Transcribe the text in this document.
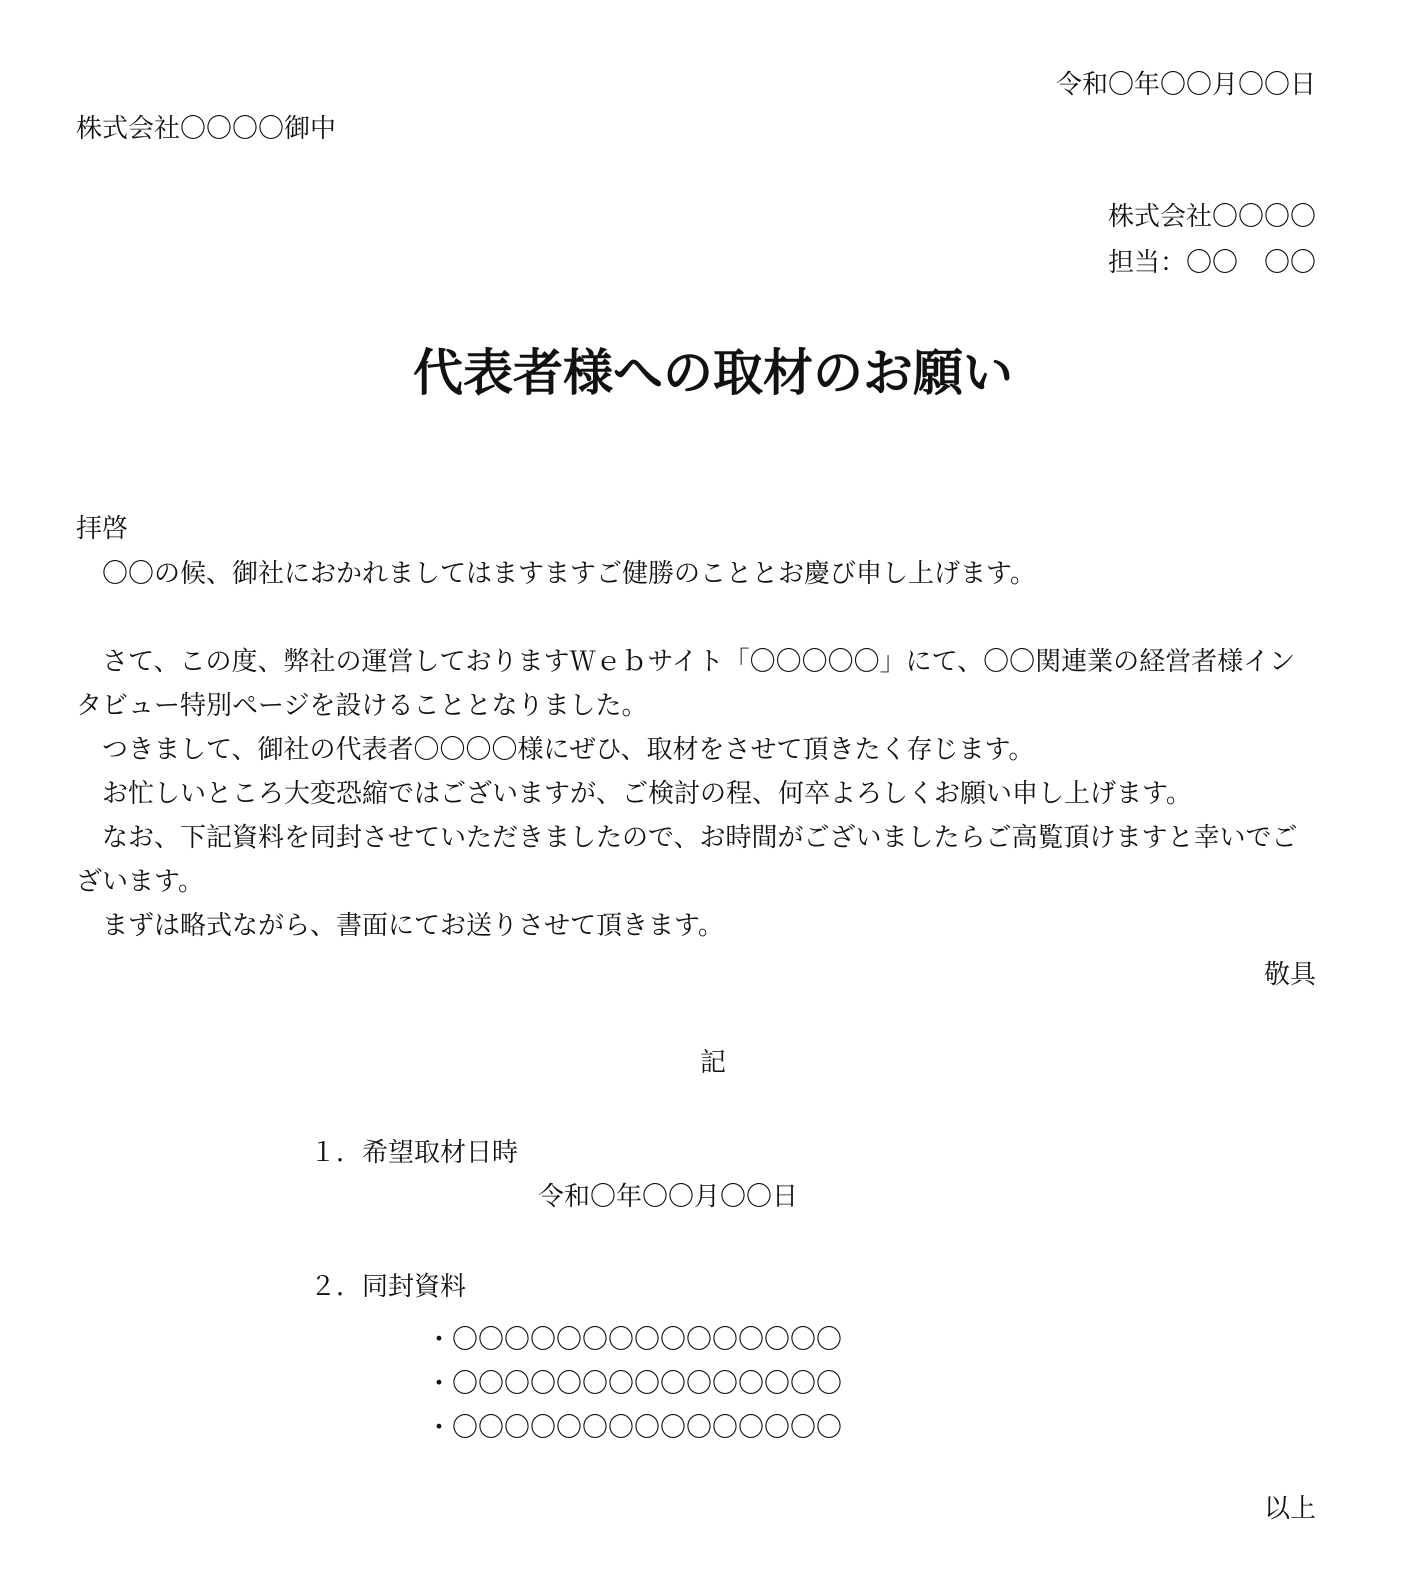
令和〇年〇〇月〇〇日
株式会社〇〇〇〇御中
株式会社〇〇〇〇
担当：〇〇　〇〇
代表者様への取材のお願い
拝啓

〇〇の候、御社におかれましてはますますご健勝のこととお慶び申し上げます。

さて、この度、弊社の運営しておりますＷｅｂサイト「〇〇〇〇〇」にて、〇〇関連業の経営者様インタビュー特別ページを設けることとなりました。

つきまして、御社の代表者〇〇〇〇様にぜひ、取材をさせて頂きたく存じます。

お忙しいところ大変恐縮ではございますが、ご検討の程、何卒よろしくお願い申し上げます。

なお、下記資料を同封させていただきましたので、お時間がございましたらご高覧頂けますと幸いでございます。

まずは略式ながら、書面にてお送りさせて頂きます。

敬具
記
１．希望取材日時
令和〇年〇〇月〇〇日
２．同封資料
・〇〇〇〇〇〇〇〇〇〇〇〇〇〇〇
・〇〇〇〇〇〇〇〇〇〇〇〇〇〇〇
・〇〇〇〇〇〇〇〇〇〇〇〇〇〇〇
以上
